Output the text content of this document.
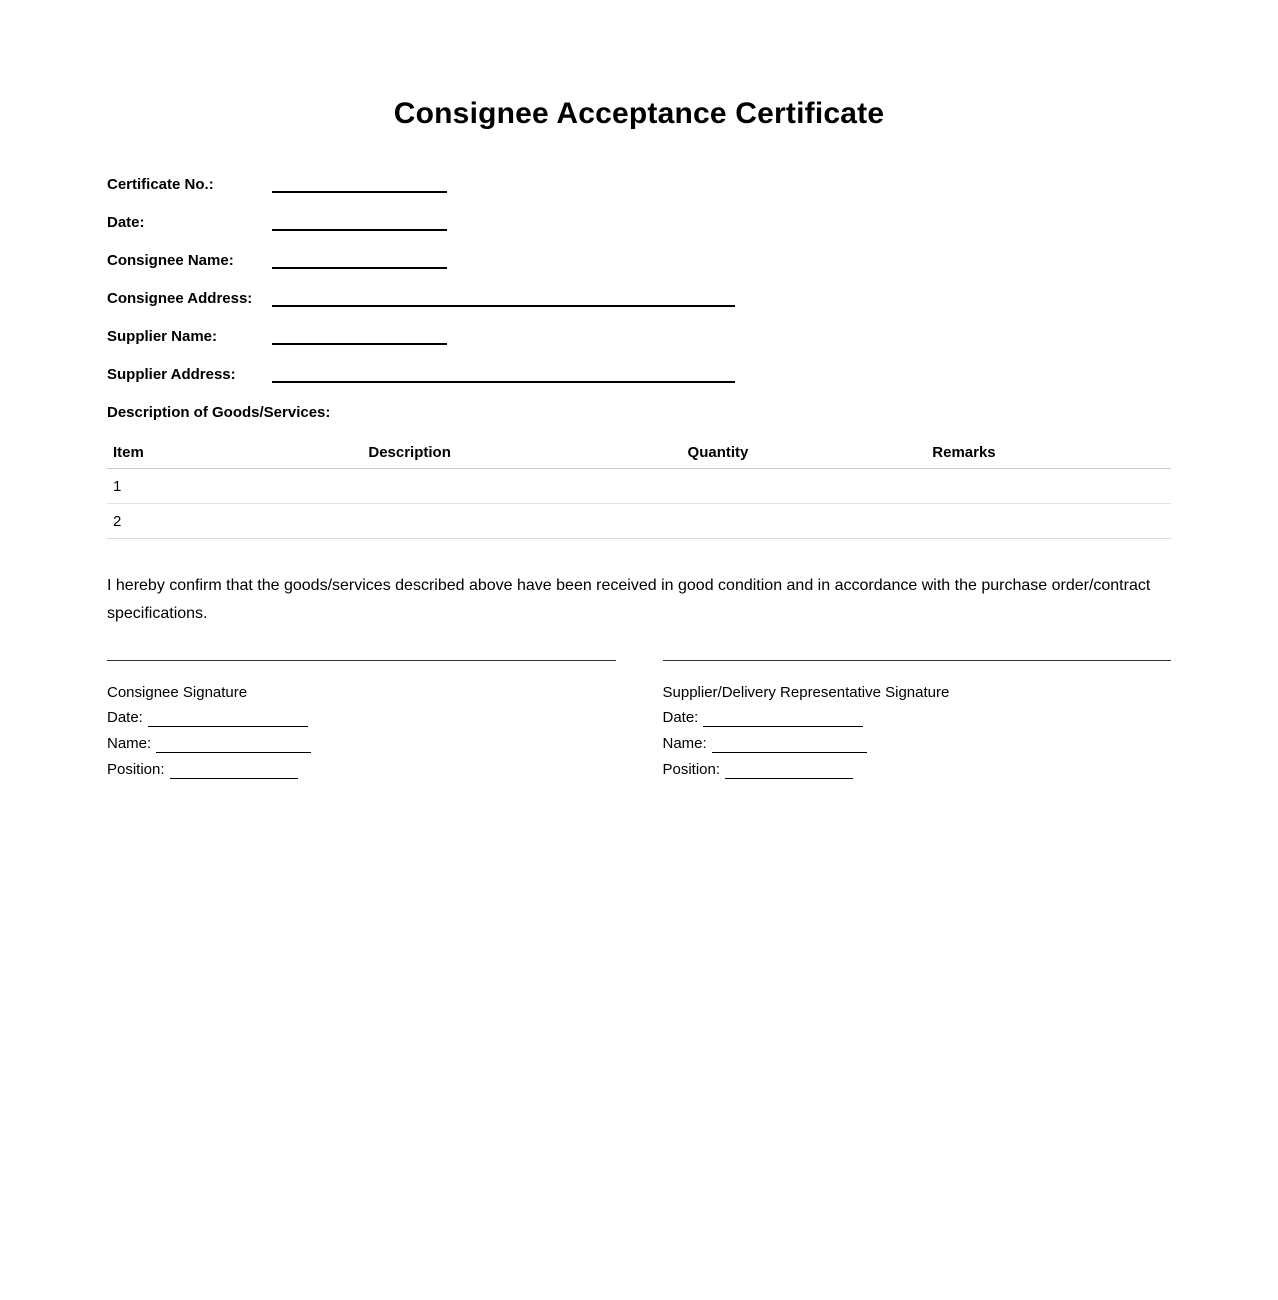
Consignee Acceptance Certificate
Certificate No.:
Date:
Consignee Name:
Consignee Address:
Supplier Name:
Supplier Address:
Description of Goods/Services:
Item	Description	Quantity	Remarks
1			
2			

I hereby confirm that the goods/services described above have been received in good condition and in accordance with the purchase order/contract specifications.

Consignee Signature
Date:
Name:
Position:
Supplier/Delivery Representative Signature
Date:
Name:
Position:
